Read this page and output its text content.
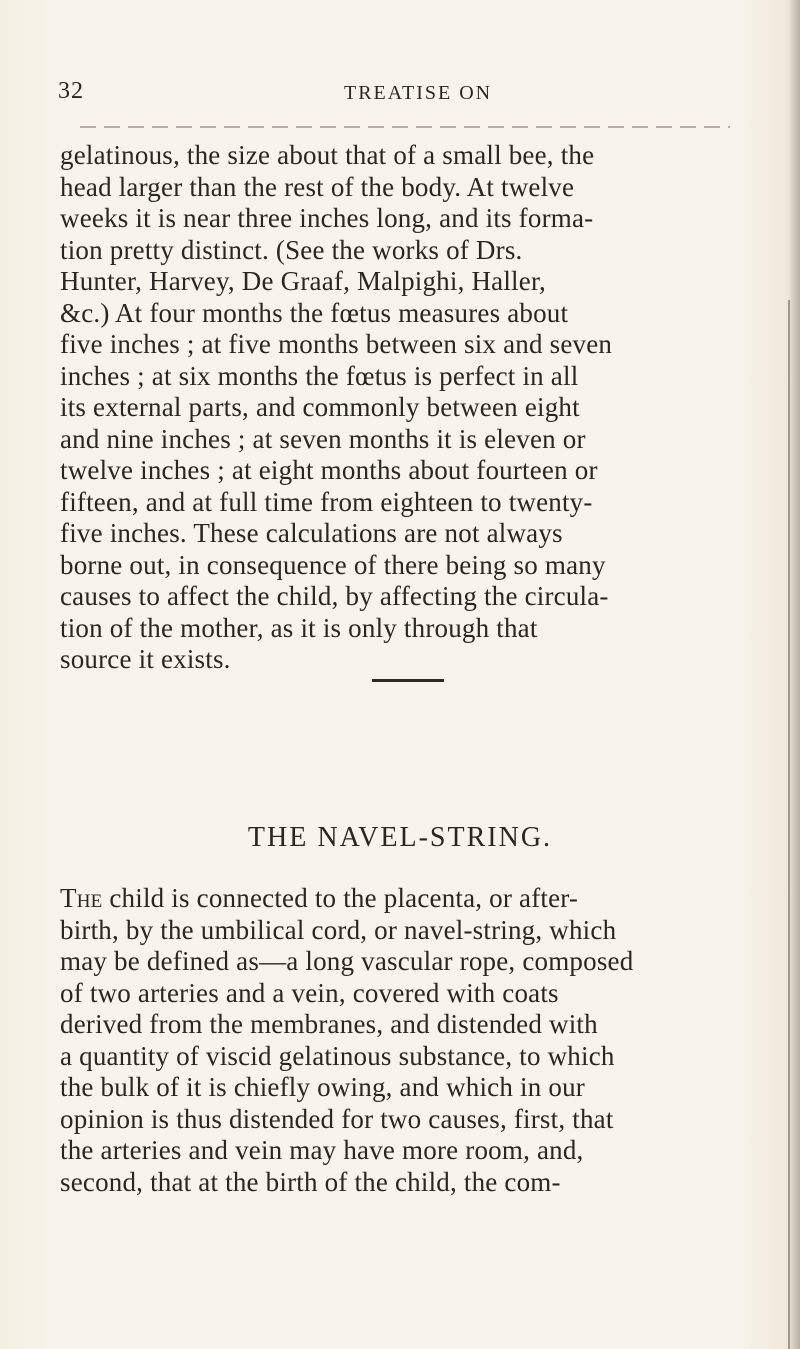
32	TREATISE ON
gelatinous, the size about that of a small bee, the
head larger than the rest of the body. At twelve
weeks it is near three inches long, and its forma-
tion pretty distinct. (See the works of Drs.
Hunter, Harvey, De Graaf, Malpighi, Haller,
&c.) At four months the fœtus measures about
five inches ; at five months between six and seven
inches ; at six months the fœtus is perfect in all
its external parts, and commonly between eight
and nine inches ; at seven months it is eleven or
twelve inches ; at eight months about fourteen or
fifteen, and at full time from eighteen to twenty-
five inches. These calculations are not always
borne out, in consequence of there being so many
causes to affect the child, by affecting the circula-
tion of the mother, as it is only through that
source it exists.
THE NAVEL-STRING.
The child is connected to the placenta, or after-
birth, by the umbilical cord, or navel-string, which
may be defined as—a long vascular rope, composed
of two arteries and a vein, covered with coats
derived from the membranes, and distended with
a quantity of viscid gelatinous substance, to which
the bulk of it is chiefly owing, and which in our
opinion is thus distended for two causes, first, that
the arteries and vein may have more room, and,
second, that at the birth of the child, the com-
